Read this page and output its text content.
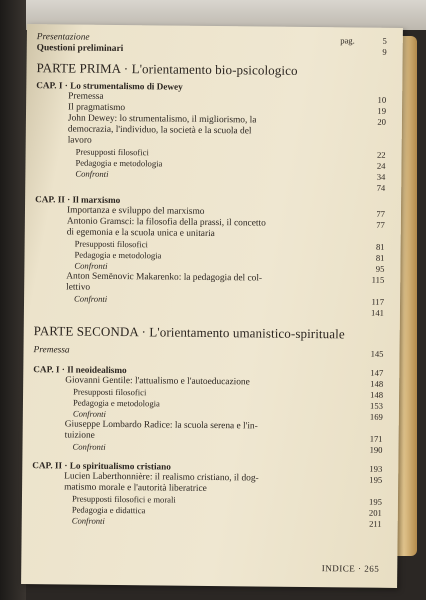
Presentazione	pag.	5
Questioni preliminari	9
PARTE PRIMA · L'orientamento bio-psicologico
CAP. I · Lo strumentalismo di Dewey
Premessa	10
Il pragmatismo	19
John Dewey: lo strumentalismo, il migliorismo, la	20
democrazia, l'individuo, la società e la scuola del
lavoro
Presupposti filosofici	22
Pedagogia e metodologia	24
Confronti	34
74
CAP. II · Il marxismo
Importanza e sviluppo del marxismo	77
Antonio Gramsci: la filosofia della prassi, il concetto	77
di egemonia e la scuola unica e unitaria
Presupposti filosofici	81
Pedagogia e metodologia	81
Confronti	95
Anton Semënovic Makarenko: la pedagogia del col-	115
lettivo
Confronti	117
141
PARTE SECONDA · L'orientamento umanistico-spirituale
Premessa	145
CAP. I · Il neoidealismo	147
Giovanni Gentile: l'attualismo e l'autoeducazione	148
Presupposti filosofici	148
Pedagogia e metodologia	153
Confronti	169
Giuseppe Lombardo Radice: la scuola serena e l'in-
tuizione	171
Confronti	190
CAP. II · Lo spiritualismo cristiano	193
Lucien Laberthonnière: il realismo cristiano, il dog-	195
matismo morale e l'autorità liberatrice
Presupposti filosofici e morali	195
Pedagogia e didattica	201
Confronti	211
INDICE · 265
